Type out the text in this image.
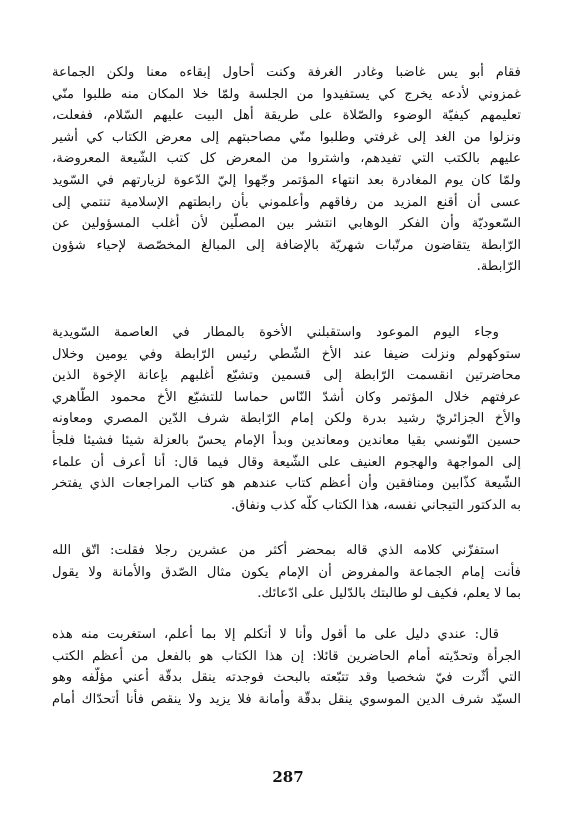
فقام أبو يس غاضبا وغادر الغرفة وكنت أحاول إبقاءه معنا ولكن الجماعة
غمزوني لأدعه يخرج كي يستفيدوا من الجلسة ولمّا خلا المكان منه طلبوا منّي
تعليمهم كيفيّة الوضوء والصّلاة على طريقة أهل البيت عليهم السّلام، ففعلت،
ونزلوا من الغد إلى غرفتي وطلبوا منّي مصاحبتهم إلى معرض الكتاب كي أشير
عليهم بالكتب التي تفيدهم، واشتروا من المعرض كل كتب الشّيعة المعروضة،
ولمّا كان يوم المغادرة بعد انتهاء المؤتمر وجّهوا إليّ الدّعوة لزيارتهم في السّويد
عسى أن أقنع المزيد من رفاقهم وأعلموني بأن رابطتهم الإسلامية تنتمي إلى
السّعوديّة وأن الفكر الوهابي انتشر بين المصلّين لأن أغلب المسؤولين عن
الرّابطة يتقاضون مرتّبات شهريّة بالإضافة إلى المبالغ المخصّصة لإحياء شؤون
الرّابطة.
وجاء اليوم الموعود واستقبلني الأخوة بالمطار في العاصمة السّويدية
ستوكهولم ونزلت ضيفا عند الأخ الشّطي رئيس الرّابطة وفي يومين وخلال
محاضرتين انقسمت الرّابطة إلى قسمين وتشيّع أغلبهم بإعانة الإخوة الذين
عرفتهم خلال المؤتمر وكان أشدّ النّاس حماسا للتشيّع الأخ محمود الطّاهري
والأخ الجزائريّ رشيد بدرة ولكن إمام الرّابطة شرف الدّين المصري ومعاونه
حسين التّونسي بقيا معاندين ومعاندين وبدأ الإمام يحسّ بالعزلة شيئا فشيئا فلجأ
إلى المواجهة والهجوم العنيف على الشّيعة وقال فيما قال: أنا أعرف أن علماء
الشّيعة كذّابين ومنافقين وأن أعظم كتاب عندهم هو كتاب المراجعات الذي يفتخر
به الدكتور التيجاني نفسه، هذا الكتاب كلّه كذب ونفاق.
استفزّني كلامه الذي قاله بمحضر أكثر من عشرين رجلا فقلت: اتّق الله
فأنت إمام الجماعة والمفروض أن الإمام يكون مثال الصّدق والأمانة ولا يقول
بما لا يعلم، فكيف لو طالبتك بالدّليل على ادّعائك.
قال: عندي دليل على ما أقول وأنا لا أتكلم إلا بما أعلم، استغربت منه هذه
الجرأة وتحدّيته أمام الحاضرين قائلا: إن هذا الكتاب هو بالفعل من أعظم الكتب
التي أثّرت فيّ شخصيا وقد تتبّعته بالبحث فوجدته ينقل بدقّة أعني مؤلّفه وهو
السيّد شرف الدين الموسوي ينقل بدقّة وأمانة فلا يزيد ولا ينقص فأنا أتحدّاك أمام
287
